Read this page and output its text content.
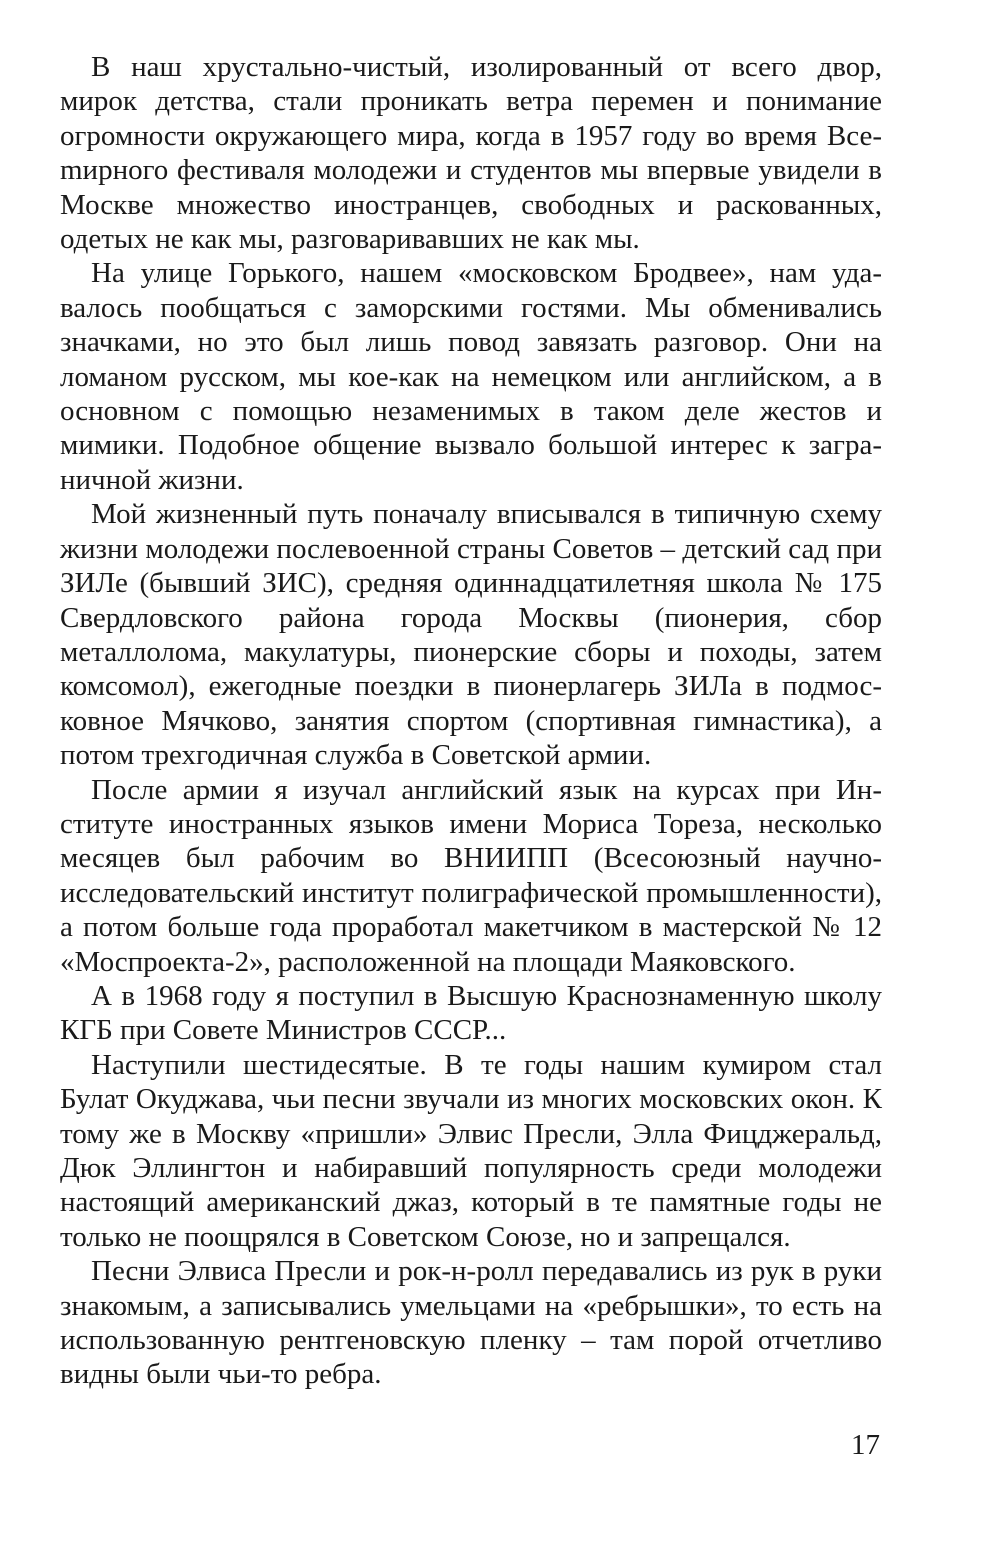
В наш хрустально-чистый, изолированный от всего двор, мирок детства, стали проникать ветра перемен и понимание огромности окружающего мира, когда в 1957 году во время Всеmирного фестиваля молодежи и студентов мы впервые увидели в Москве множество иностранцев, свободных и раскованных, одетых не как мы, разговаривавших не как мы.

На улице Горького, нашем «московском Бродвее», нам удавалось пообщаться с заморскими гостями. Мы обменивались значками, но это был лишь повод завязать разговор. Они на ломаном русском, мы кое-как на немецком или английском, а в основном с помощью незаменимых в таком деле жестов и мимики. Подобное общение вызвало большой интерес к заграничной жизни.

Мой жизненный путь поначалу вписывался в типичную схему жизни молодежи послевоенной страны Советов – детский сад при ЗИЛе (бывший ЗИС), средняя одиннадцатилетняя школа № 175 Свердловского района города Москвы (пионерия, сбор металлолома, макулатуры, пионерские сборы и походы, затем комсомол), ежегодные поездки в пионерлагерь ЗИЛа в подмосковное Мячково, занятия спортом (спортивная гимнастика), а потом трехгодичная служба в Советской армии.

После армии я изучал английский язык на курсах при Институте иностранных языков имени Мориса Тореза, несколько месяцев был рабочим во ВНИИПП (Всесоюзный научно-исследовательский институт полиграфической промышленности), а потом больше года проработал макетчиком в мастерской № 12 «Моспроекта-2», расположенной на площади Маяковского.

А в 1968 году я поступил в Высшую Краснознаменную школу КГБ при Совете Министров СССР...

Наступили шестидесятые. В те годы нашим кумиром стал Булат Окуджава, чьи песни звучали из многих московских окон. К тому же в Москву «пришли» Элвис Пресли, Элла Фицджеральд, Дюк Эллингтон и набиравший популярность среди молодежи настоящий американский джаз, который в те памятные годы не только не поощрялся в Советском Союзе, но и запрещался.

Песни Элвиса Пресли и рок-н-ролл передавались из рук в руки знакомым, а записывались умельцами на «ребрышки», то есть на использованную рентгеновскую пленку – там порой отчетливо видны были чьи-то ребра.

17
